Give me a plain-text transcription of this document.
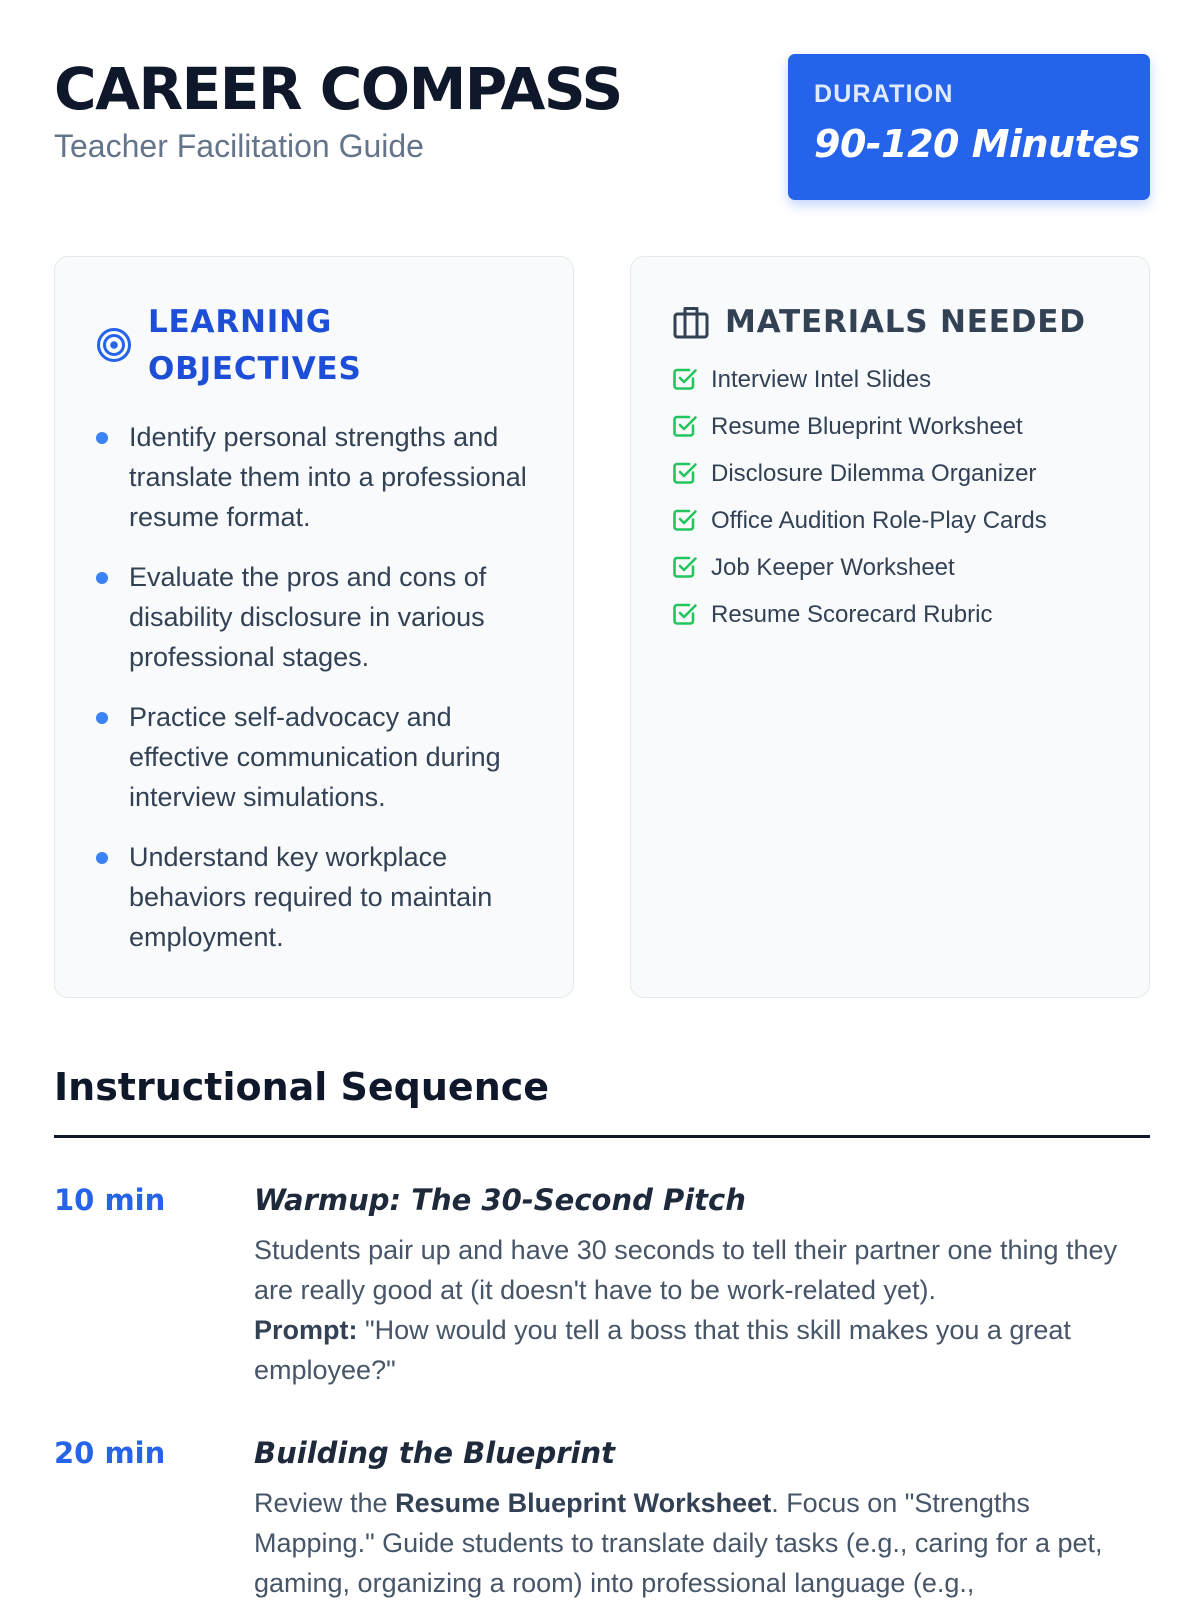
CAREER COMPASS
Teacher Facilitation Guide
DURATION
90-120 Minutes
LEARNING OBJECTIVES
Identify personal strengths and translate them into a professional resume format.
Evaluate the pros and cons of disability disclosure in various professional stages.
Practice self-advocacy and effective communication during interview simulations.
Understand key workplace behaviors required to maintain employment.
MATERIALS NEEDED
Interview Intel Slides
Resume Blueprint Worksheet
Disclosure Dilemma Organizer
Office Audition Role-Play Cards
Job Keeper Worksheet
Resume Scorecard Rubric
Instructional Sequence
10 min	Warmup: The 30-Second Pitch
Students pair up and have 30 seconds to tell their partner one thing they are really good at (it doesn't have to be work-related yet).
Prompt: "How would you tell a boss that this skill makes you a great employee?"
20 min	Building the Blueprint
Review the Resume Blueprint Worksheet. Focus on "Strengths Mapping." Guide students to translate daily tasks (e.g., caring for a pet, gaming, organizing a room) into professional language (e.g.,
